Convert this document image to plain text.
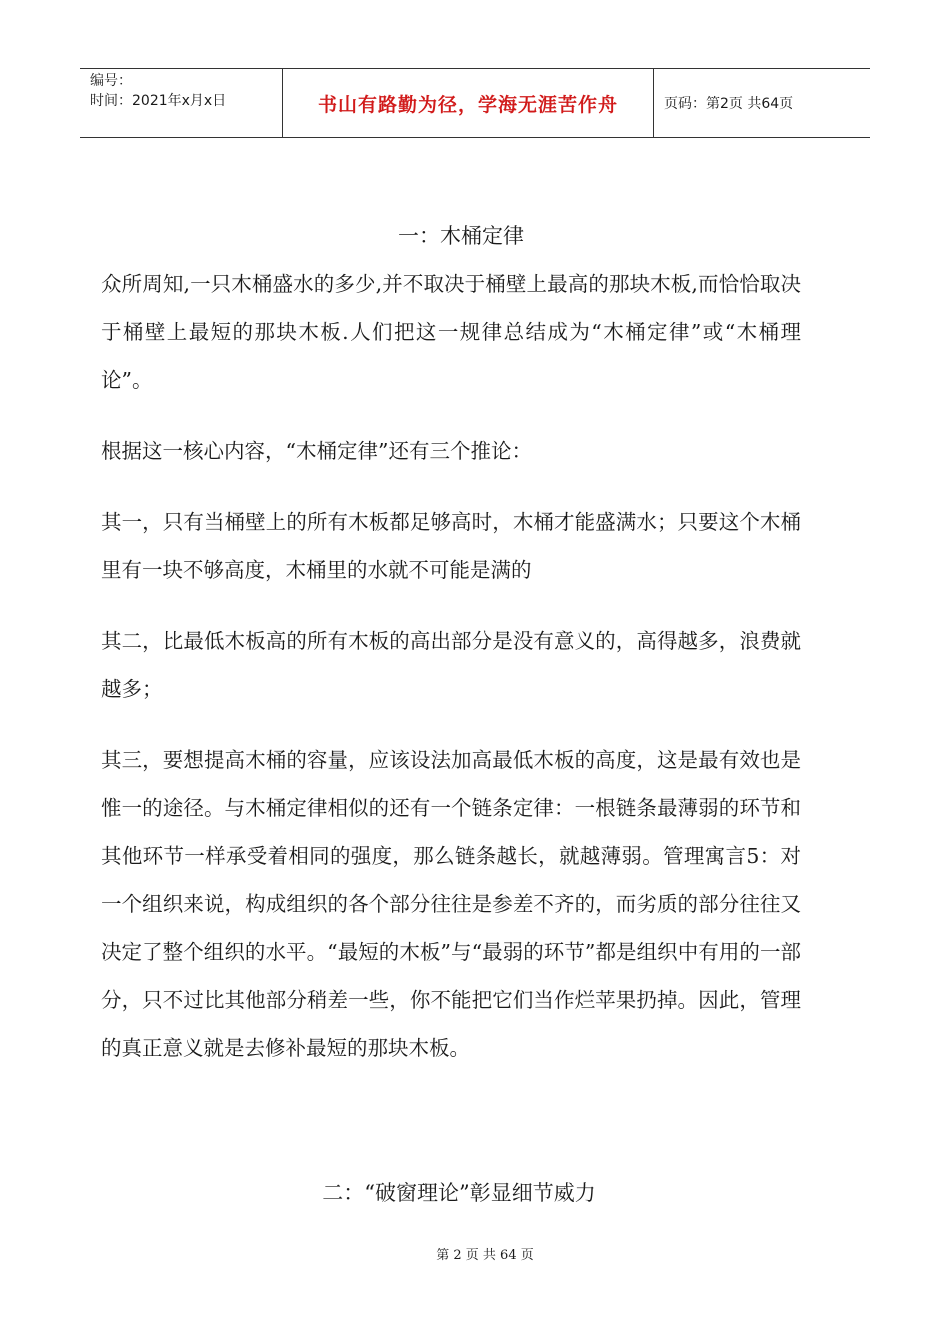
编号：
时间：2021年x月x日	书山有路勤为径，学海无涯苦作舟	页码：第2页 共64页
一：木桶定律

众所周知,一只木桶盛水的多少,并不取决于桶壁上最高的那块木板,而恰恰取决于桶壁上最短的那块木板.人们把这一规律总结成为“木桶定律”或“木桶理论”。

根据这一核心内容，“木桶定律”还有三个推论：

其一，只有当桶壁上的所有木板都足够高时，木桶才能盛满水；只要这个木桶里有一块不够高度，木桶里的水就不可能是满的

其二，比最低木板高的所有木板的高出部分是没有意义的，高得越多，浪费就越多；

其三，要想提高木桶的容量，应该设法加高最低木板的高度，这是最有效也是惟一的途径。与木桶定律相似的还有一个链条定律：一根链条最薄弱的环节和其他环节一样承受着相同的强度，那么链条越长，就越薄弱。管理寓言5：对一个组织来说，构成组织的各个部分往往是参差不齐的，而劣质的部分往往又决定了整个组织的水平。“最短的木板”与“最弱的环节”都是组织中有用的一部分，只不过比其他部分稍差一些，你不能把它们当作烂苹果扔掉。因此，管理的真正意义就是去修补最短的那块木板。

二：“破窗理论”彰显细节威力
第 2 页 共 64 页
